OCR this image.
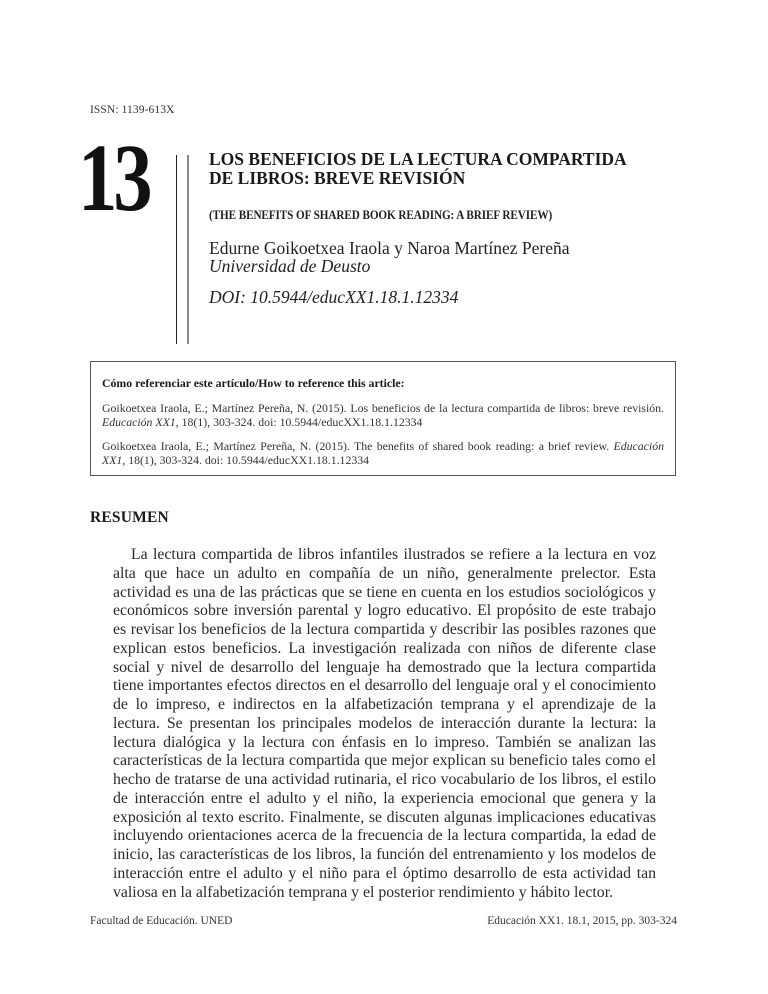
ISSN: 1139-613X
13	LOS BENEFICIOS DE LA LECTURA COMPARTIDA
DE LIBROS: BREVE REVISIÓN
(THE BENEFITS OF SHARED BOOK READING: A BRIEF REVIEW)
Edurne Goikoetxea Iraola y Naroa Martínez Pereña
Universidad de Deusto
DOI: 10.5944/educXX1.18.1.12334
Cómo referenciar este artículo/How to reference this article:
Goikoetxea Iraola, E.; Martínez Pereña, N. (2015). Los beneficios de la lectura compartida de libros: breve revisión. Educación XX1, 18(1), 303-324. doi: 10.5944/educXX1.18.1.12334
Goikoetxea Iraola, E.; Martínez Pereña, N. (2015). The benefits of shared book reading: a brief review. Educación XX1, 18(1), 303-324. doi: 10.5944/educXX1.18.1.12334
RESUMEN

La lectura compartida de libros infantiles ilustrados se refiere a la lectura en voz alta que hace un adulto en compañía de un niño, generalmente prelector. Esta actividad es una de las prácticas que se tiene en cuenta en los estudios sociológicos y económicos sobre inversión parental y logro educativo. El propósito de este trabajo es revisar los beneficios de la lectura compartida y describir las posibles razones que explican estos beneficios. La investigación realizada con niños de diferente clase social y nivel de desarrollo del lenguaje ha demostrado que la lectura compartida tiene importantes efectos directos en el desarrollo del lenguaje oral y el conocimiento de lo impreso, e indirectos en la alfabetización temprana y el aprendizaje de la lectura. Se presentan los principales modelos de interacción durante la lectura: la lectura dialógica y la lectura con énfasis en lo impreso. También se analizan las características de la lectura compartida que mejor explican su beneficio tales como el hecho de tratarse de una actividad rutinaria, el rico vocabulario de los libros, el estilo de interacción entre el adulto y el niño, la experiencia emocional que genera y la exposición al texto escrito. Finalmente, se discuten algunas implicaciones educativas incluyendo orientaciones acerca de la frecuencia de la lectura compartida, la edad de inicio, las características de los libros, la función del entrenamiento y los modelos de interacción entre el adulto y el niño para el óptimo desarrollo de esta actividad tan valiosa en la alfabetización temprana y el posterior rendimiento y hábito lector.

Facultad de Educación. UNED	Educación XX1. 18.1, 2015, pp. 303-324
